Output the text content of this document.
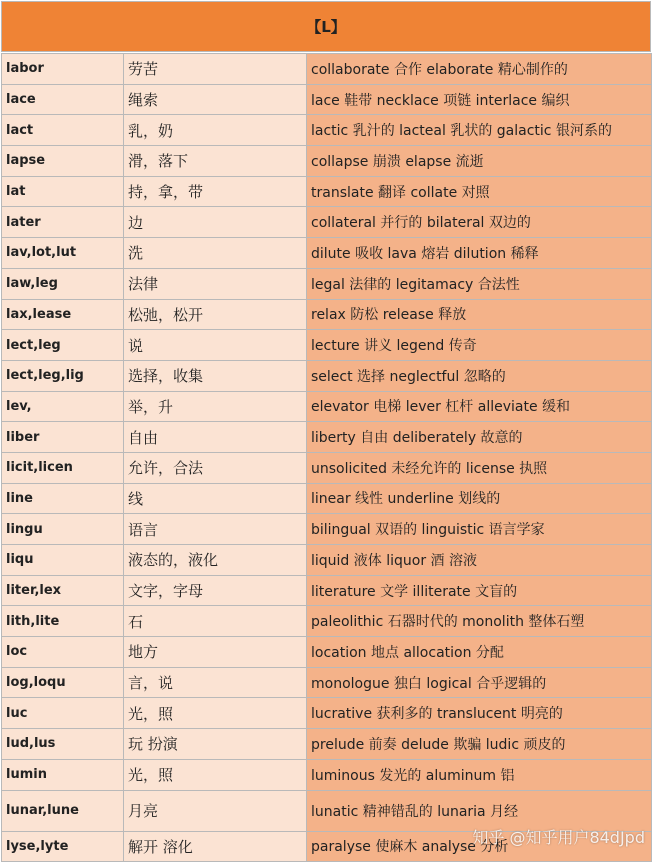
【L】
labor	劳苦	collaborate 合作 elaborate 精心制作的
lace	绳索	lace 鞋带 necklace 项链 interlace 编织
lact	乳，奶	lactic 乳汁的 lacteal 乳状的 galactic 银河系的
lapse	滑，落下	collapse 崩溃 elapse 流逝
lat	持，拿，带	translate 翻译 collate 对照
later	边	collateral 并行的 bilateral 双边的
lav,lot,lut	洗	dilute 吸收 lava 熔岩 dilution 稀释
law,leg	法律	legal 法律的 legitamacy 合法性
lax,lease	松弛，松开	relax 防松 release 释放
lect,leg	说	lecture 讲义 legend 传奇
lect,leg,lig	选择，收集	select 选择 neglectful 忽略的
lev,	举，升	elevator 电梯 lever 杠杆 alleviate 缓和
liber	自由	liberty 自由 deliberately 故意的
licit,licen	允许，合法	unsolicited 未经允许的 license 执照
line	线	linear 线性 underline 划线的
lingu	语言	bilingual 双语的 linguistic 语言学家
liqu	液态的，液化	liquid 液体 liquor 酒 溶液
liter,lex	文字，字母	literature 文学 illiterate 文盲的
lith,lite	石	paleolithic 石器时代的 monolith 整体石塑
loc	地方	location 地点 allocation 分配
log,loqu	言，说	monologue 独白 logical 合乎逻辑的
luc	光，照	lucrative 获利多的 translucent 明亮的
lud,lus	玩 扮演	prelude 前奏 delude 欺骗 ludic 顽皮的
lumin	光，照	luminous 发光的 aluminum 铝
lunar,lune	月亮	lunatic 精神错乱的 lunaria 月经
lyse,lyte	解开 溶化	paralyse 使麻木 analyse 分析
知乎 @知乎用户84dJpd
